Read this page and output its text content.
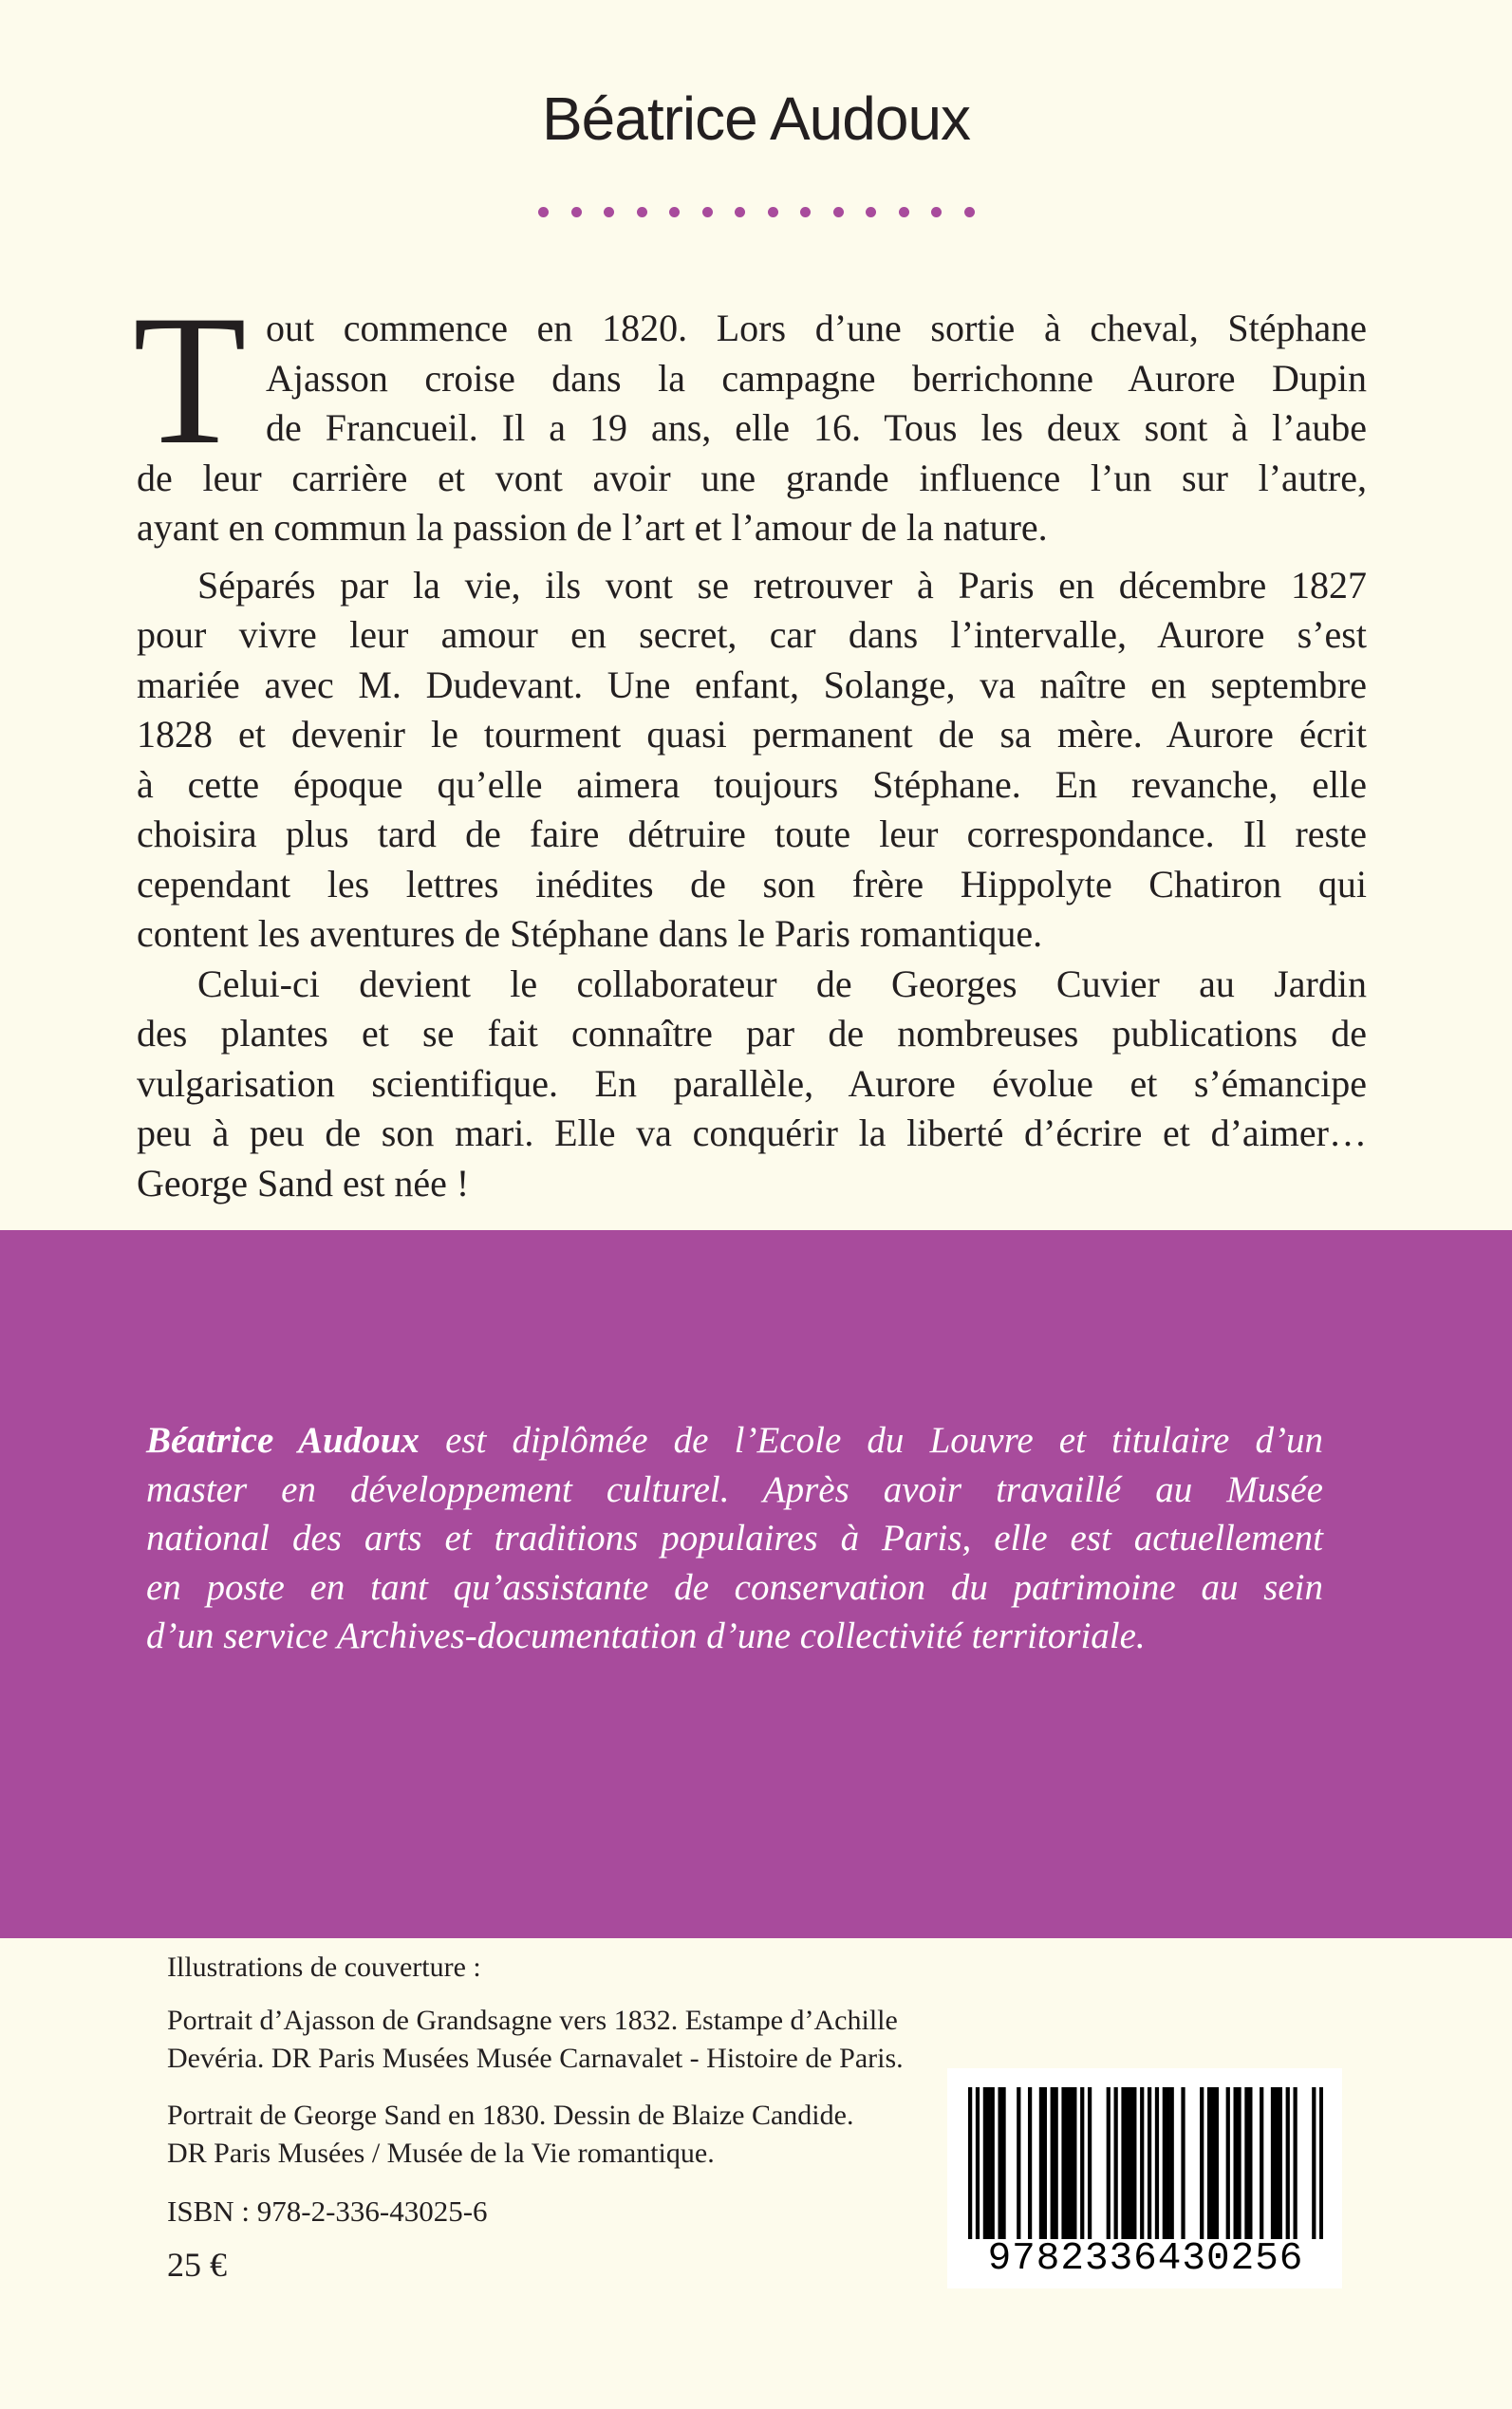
Béatrice Audoux

T out commence en 1820. Lors d’une sortie à cheval, Stéphane
Ajasson croise dans la campagne berrichonne Aurore Dupin
de Francueil. Il a 19 ans, elle 16. Tous les deux sont à l’aube
de leur carrière et vont avoir une grande influence l’un sur l’autre,
ayant en commun la passion de l’art et l’amour de la nature.

Séparés par la vie, ils vont se retrouver à Paris en décembre 1827
pour vivre leur amour en secret, car dans l’intervalle, Aurore s’est
mariée avec M. Dudevant. Une enfant, Solange, va naître en septembre
1828 et devenir le tourment quasi permanent de sa mère. Aurore écrit
à cette époque qu’elle aimera toujours Stéphane. En revanche, elle
choisira plus tard de faire détruire toute leur correspondance. Il reste
cependant les lettres inédites de son frère Hippolyte Chatiron qui
content les aventures de Stéphane dans le Paris romantique.

Celui-ci devient le collaborateur de Georges Cuvier au Jardin
des plantes et se fait connaître par de nombreuses publications de
vulgarisation scientifique. En parallèle, Aurore évolue et s’émancipe
peu à peu de son mari. Elle va conquérir la liberté d’écrire et d’aimer…
George Sand est née !

Béatrice Audoux est diplômée de l’Ecole du Louvre et titulaire d’un
master en développement culturel. Après avoir travaillé au Musée
national des arts et traditions populaires à Paris, elle est actuellement
en poste en tant qu’assistante de conservation du patrimoine au sein
d’un service Archives-documentation d’une collectivité territoriale.
Illustrations de couverture :
Portrait d’Ajasson de Grandsagne vers 1832. Estampe d’Achille
Devéria. DR Paris Musées Musée Carnavalet - Histoire de Paris.
Portrait de George Sand en 1830. Dessin de Blaize Candide.
DR Paris Musées / Musée de la Vie romantique.
ISBN : 978-2-336-43025-6
25 €	9782336430256
